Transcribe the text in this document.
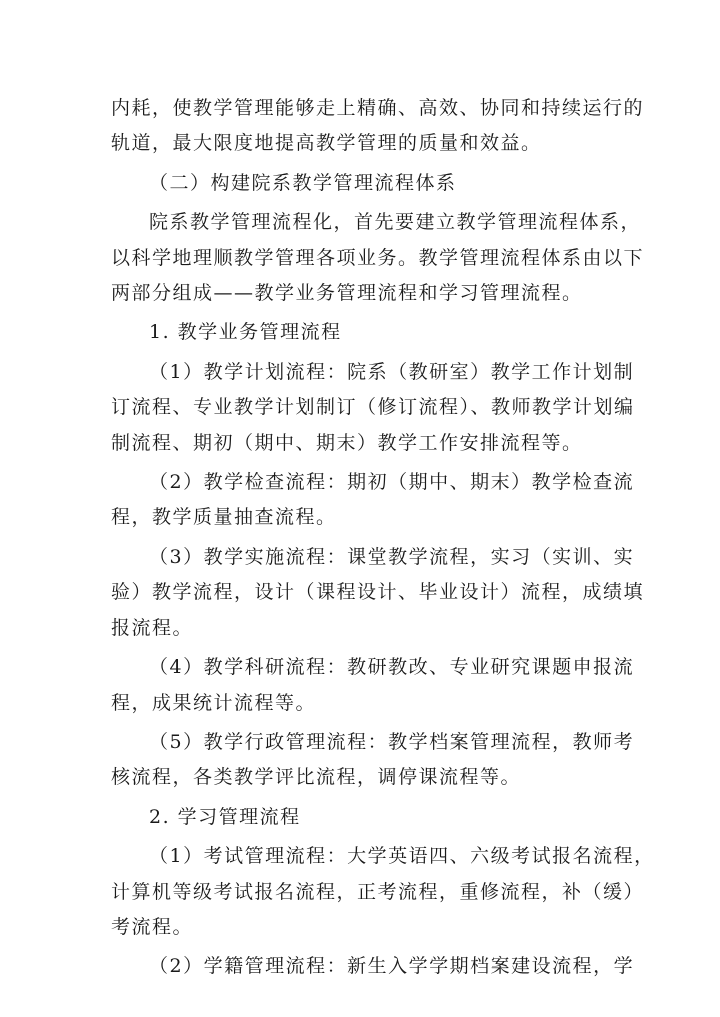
内耗，使教学管理能够走上精确、高效、协同和持续运行的
轨道，最大限度地提高教学管理的质量和效益。

（二）构建院系教学管理流程体系

院系教学管理流程化，首先要建立教学管理流程体系，
以科学地理顺教学管理各项业务。教学管理流程体系由以下
两部分组成——教学业务管理流程和学习管理流程。

1. 教学业务管理流程

（1）教学计划流程：院系（教研室）教学工作计划制
订流程、专业教学计划制订（修订流程）、教师教学计划编
制流程、期初（期中、期末）教学工作安排流程等。

（2）教学检查流程：期初（期中、期末）教学检查流
程，教学质量抽查流程。

（3）教学实施流程：课堂教学流程，实习（实训、实
验）教学流程，设计（课程设计、毕业设计）流程，成绩填
报流程。

（4）教学科研流程：教研教改、专业研究课题申报流
程，成果统计流程等。

（5）教学行政管理流程：教学档案管理流程，教师考
核流程，各类教学评比流程，调停课流程等。

2. 学习管理流程

（1）考试管理流程：大学英语四、六级考试报名流程，
计算机等级考试报名流程，正考流程，重修流程，补（缓）
考流程。

（2）学籍管理流程：新生入学学期档案建设流程，学
